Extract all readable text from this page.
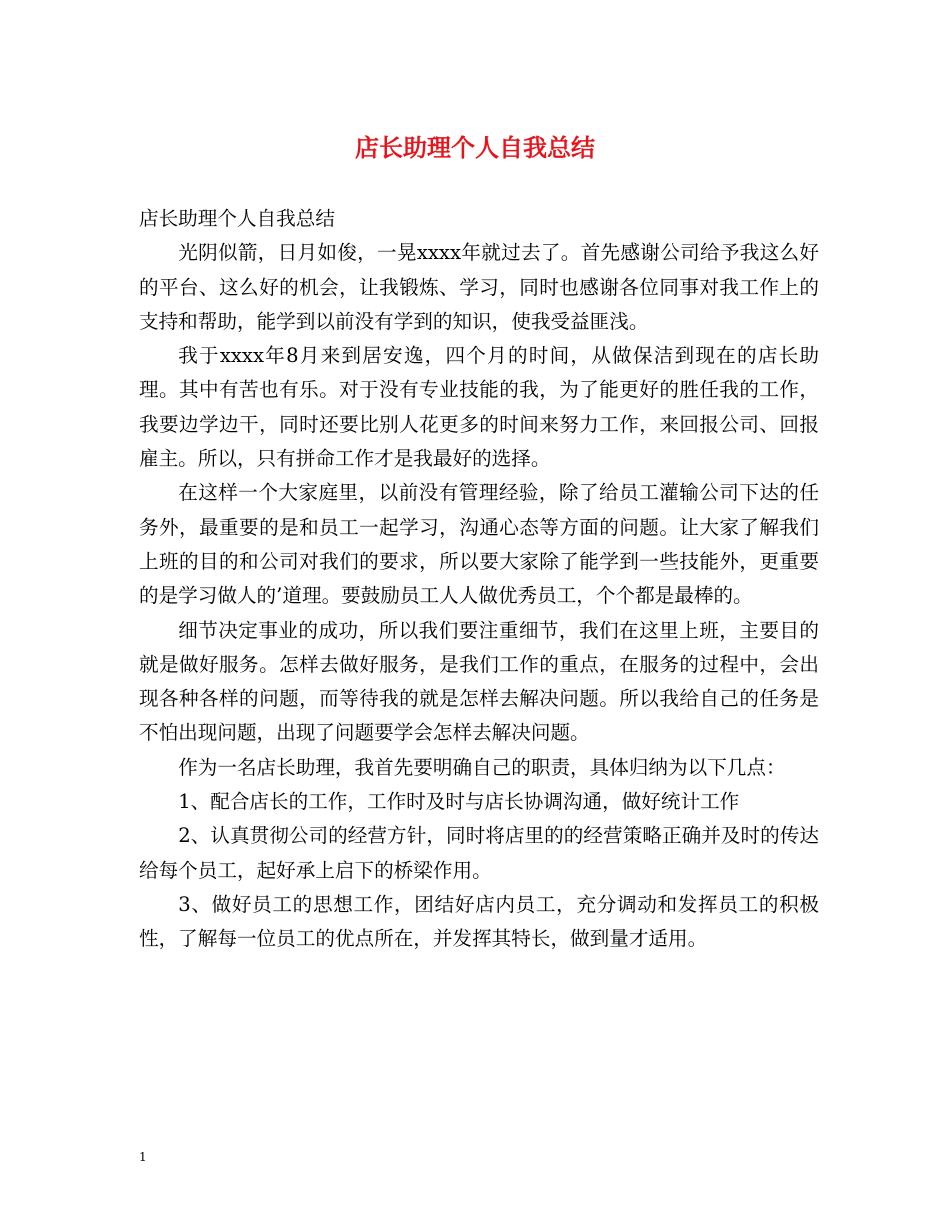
店长助理个人自我总结

店长助理个人自我总结

光阴似箭，日月如俊，一晃xxxx年就过去了。首先感谢公司给予我这么好的平台、这么好的机会，让我锻炼、学习，同时也感谢各位同事对我工作上的支持和帮助，能学到以前没有学到的知识，使我受益匪浅。

我于xxxx年8月来到居安逸，四个月的时间，从做保洁到现在的店长助理。其中有苦也有乐。对于没有专业技能的我，为了能更好的胜任我的工作，我要边学边干，同时还要比别人花更多的时间来努力工作，来回报公司、回报雇主。所以，只有拼命工作才是我最好的选择。

在这样一个大家庭里，以前没有管理经验，除了给员工灌输公司下达的任务外，最重要的是和员工一起学习，沟通心态等方面的问题。让大家了解我们上班的目的和公司对我们的要求，所以要大家除了能学到一些技能外，更重要的是学习做人的’道理。要鼓励员工人人做优秀员工，个个都是最棒的。

细节决定事业的成功，所以我们要注重细节，我们在这里上班，主要目的就是做好服务。怎样去做好服务，是我们工作的重点，在服务的过程中，会出现各种各样的问题，而等待我的就是怎样去解决问题。所以我给自己的任务是不怕出现问题，出现了问题要学会怎样去解决问题。

作为一名店长助理，我首先要明确自己的职责，具体归纳为以下几点：

1、配合店长的工作，工作时及时与店长协调沟通，做好统计工作

2、认真贯彻公司的经营方针，同时将店里的的经营策略正确并及时的传达给每个员工，起好承上启下的桥梁作用。

3、做好员工的思想工作，团结好店内员工，充分调动和发挥员工的积极性，了解每一位员工的优点所在，并发挥其特长，做到量才适用。

1
